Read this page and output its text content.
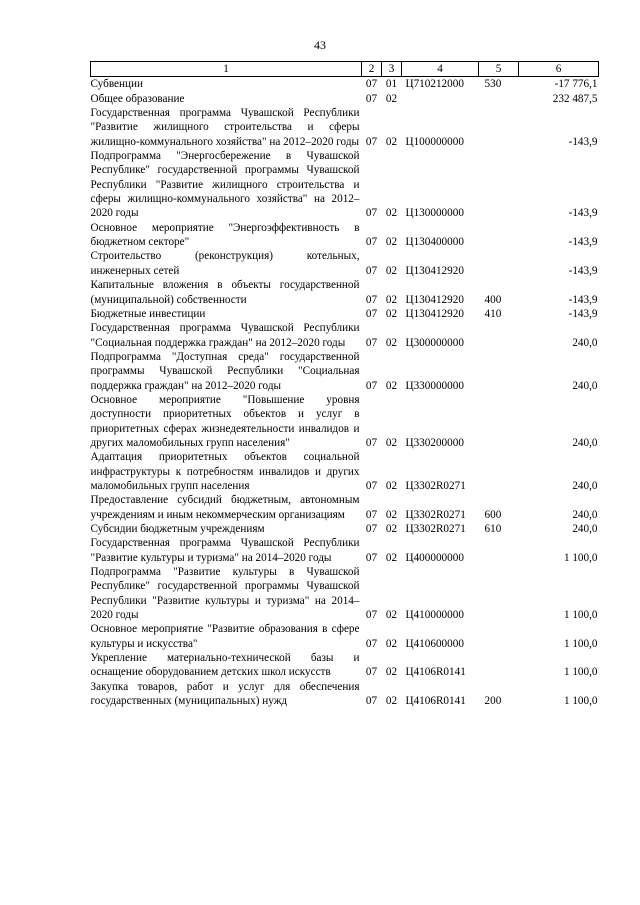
43
1	2	3	4	5	6
Субвенции	07	01	Ц710212000	530	-17 776,1
Общее образование	07	02			232 487,5
Государственная программа Чувашской Республики "Развитие жилищного строительства и сферы жилищно-коммунального хозяйства" на 2012–2020 годы	07	02	Ц100000000		-143,9
Подпрограмма "Энергосбережение в Чувашской Республике" государственной программы Чувашской Республики "Развитие жилищного строительства и сферы жилищно-коммунального хозяйства" на 2012–2020 годы	07	02	Ц130000000		-143,9
Основное мероприятие "Энергоэффективность в бюджетном секторе"	07	02	Ц130400000		-143,9
Строительство (реконструкция) котельных, инженерных сетей	07	02	Ц130412920		-143,9
Капитальные вложения в объекты государственной (муниципальной) собственности	07	02	Ц130412920	400	-143,9
Бюджетные инвестиции	07	02	Ц130412920	410	-143,9
Государственная программа Чувашской Республики "Социальная поддержка граждан" на 2012–2020 годы	07	02	Ц300000000		240,0
Подпрограмма "Доступная среда" государственной программы Чувашской Республики "Социальная поддержка граждан" на 2012–2020 годы	07	02	Ц330000000		240,0
Основное мероприятие "Повышение уровня доступности приоритетных объектов и услуг в приоритетных сферах жизнедеятельности инвалидов и других маломобильных групп населения"	07	02	Ц330200000		240,0
Адаптация приоритетных объектов социальной инфраструктуры к потребностям инвалидов и других маломобильных групп населения	07	02	Ц3302R0271		240,0
Предоставление субсидий бюджетным, автономным учреждениям и иным некоммерческим организациям	07	02	Ц3302R0271	600	240,0
Субсидии бюджетным учреждениям	07	02	Ц3302R0271	610	240,0
Государственная программа Чувашской Республики "Развитие культуры и туризма" на 2014–2020 годы	07	02	Ц400000000		1 100,0
Подпрограмма "Развитие культуры в Чувашской Республике" государственной программы Чувашской Республики "Развитие культуры и туризма" на 2014–2020 годы	07	02	Ц410000000		1 100,0
Основное мероприятие "Развитие образования в сфере культуры и искусства"	07	02	Ц410600000		1 100,0
Укрепление материально-технической базы и оснащение оборудованием детских школ искусств	07	02	Ц4106R0141		1 100,0
Закупка товаров, работ и услуг для обеспечения государственных (муниципальных) нужд	07	02	Ц4106R0141	200	1 100,0
